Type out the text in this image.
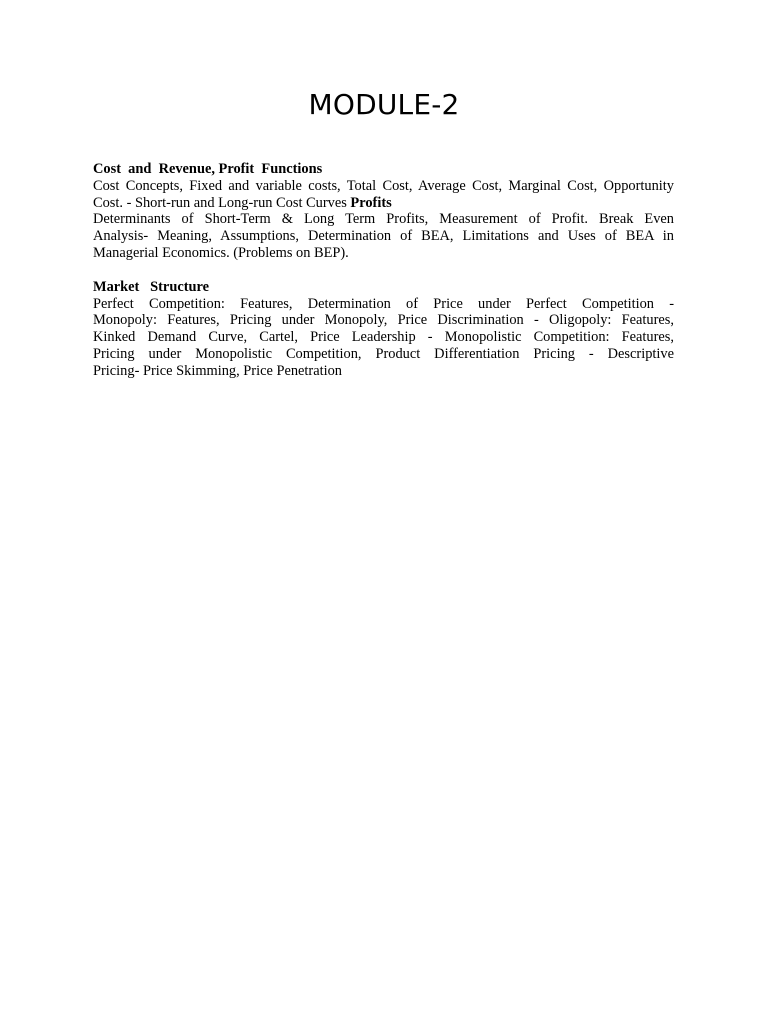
MODULE-2

Cost  and  Revenue, Profit  Functions

Cost Concepts, Fixed and variable costs, Total Cost, Average Cost, Marginal Cost, Opportunity

Cost. - Short-run and Long-run Cost Curves Profits

Determinants of Short-Term & Long Term Profits, Measurement of Profit. Break Even

Analysis- Meaning, Assumptions, Determination of BEA, Limitations and Uses of BEA in

Managerial Economics. (Problems on BEP).

Market   Structure

Perfect Competition: Features, Determination of Price under Perfect Competition -

Monopoly: Features, Pricing under Monopoly, Price Discrimination - Oligopoly: Features,

Kinked Demand Curve, Cartel, Price Leadership - Monopolistic Competition: Features,

Pricing under Monopolistic Competition, Product Differentiation Pricing - Descriptive

Pricing- Price Skimming, Price Penetration
